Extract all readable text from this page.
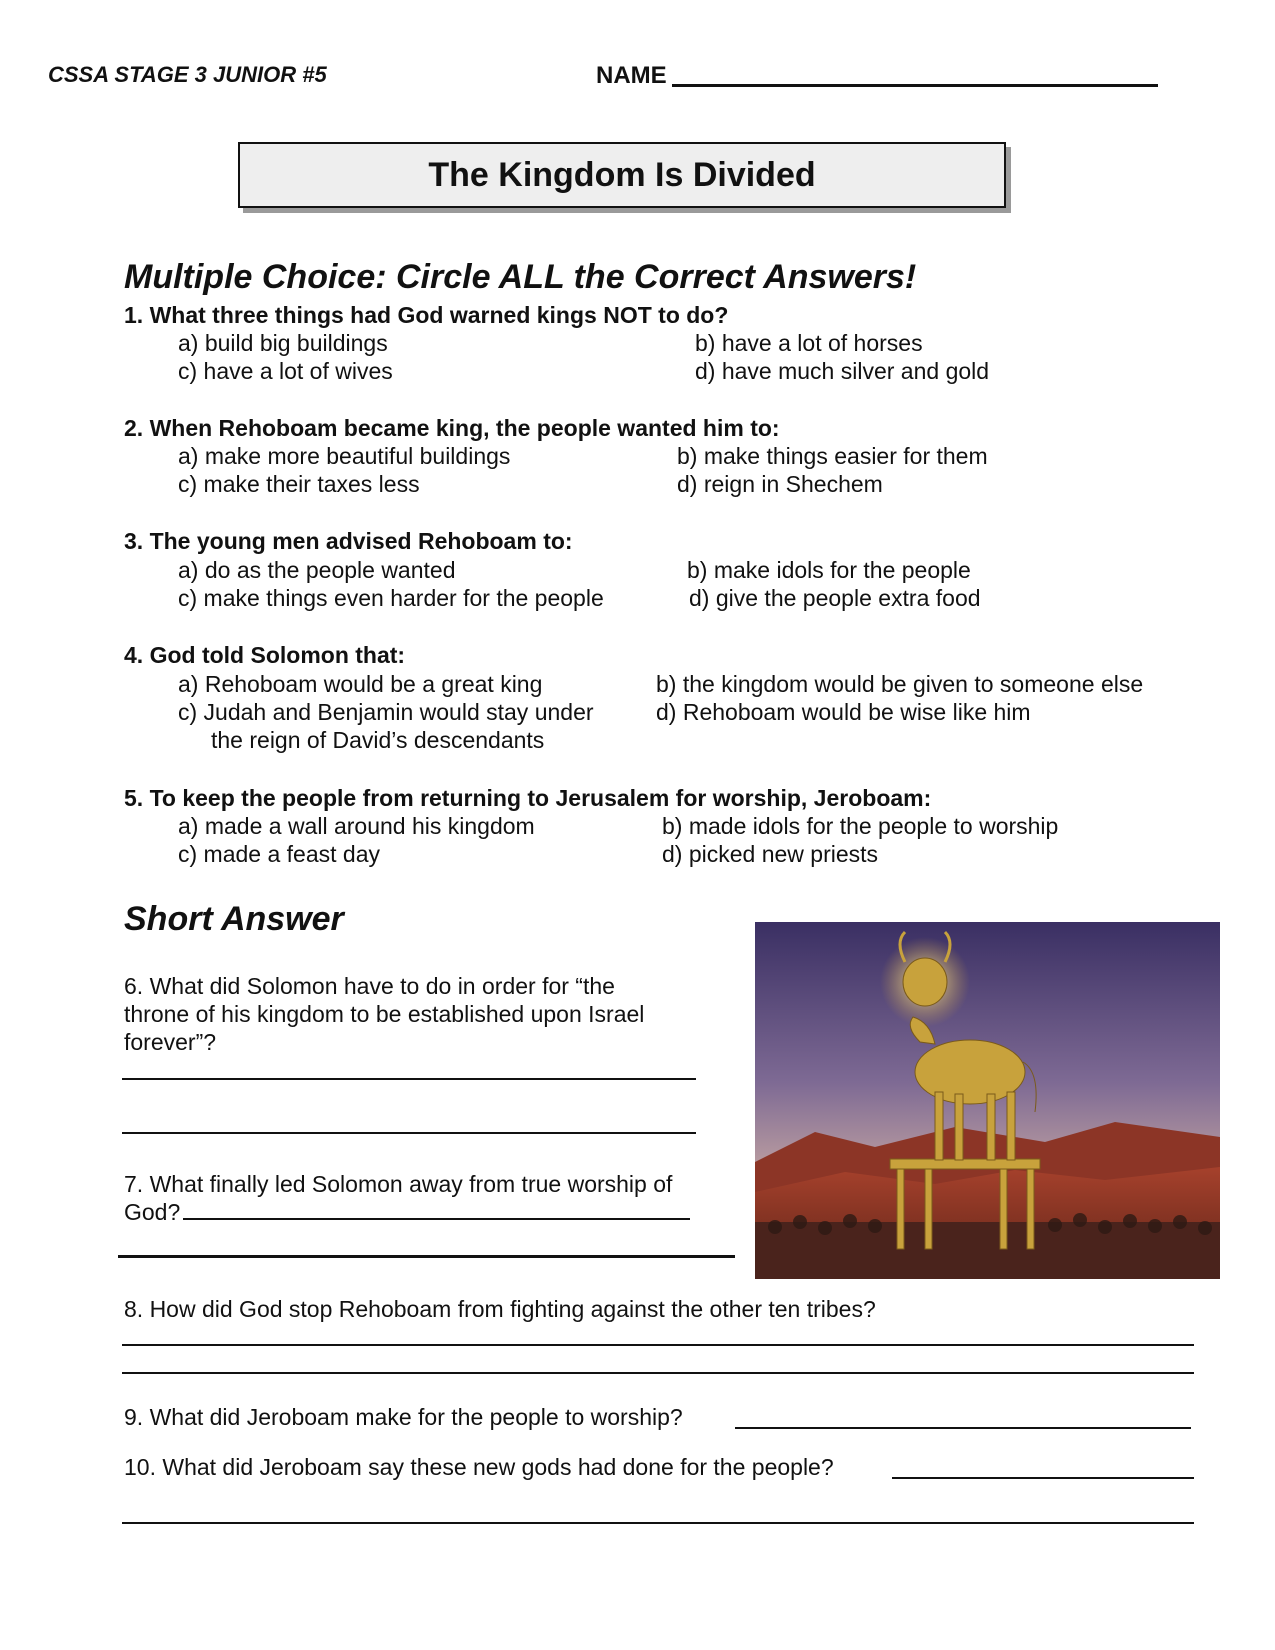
CSSA STAGE 3 JUNIOR #5	NAME
The Kingdom Is Divided
Multiple Choice: Circle ALL the Correct Answers!
1. What three things had God warned kings NOT to do?
a) build big buildings	b) have a lot of horses
c) have a lot of wives	d) have much silver and gold
2. When Rehoboam became king, the people wanted him to:
a) make more beautiful buildings	b) make things easier for them
c) make their taxes less	d) reign in Shechem
3. The young men advised Rehoboam to:
a) do as the people wanted	b) make idols for the people
c) make things even harder for the people	d) give the people extra food
4. God told Solomon that:
a) Rehoboam would be a great king	b) the kingdom would be given to someone else
c) Judah and Benjamin would stay under	d) Rehoboam would be wise like him
the reign of David’s descendants
5. To keep the people from returning to Jerusalem for worship, Jeroboam:
a) made a wall around his kingdom	b) made idols for the people to worship
c) made a feast day	d) picked new priests
Short Answer
6. What did Solomon have to do in order for “the
throne of his kingdom to be established upon Israel
forever”?
7. What finally led Solomon away from true worship of
God?
8. How did God stop Rehoboam from fighting against the other ten tribes?
9. What did Jeroboam make for the people to worship?
10. What did Jeroboam say these new gods had done for the people?
